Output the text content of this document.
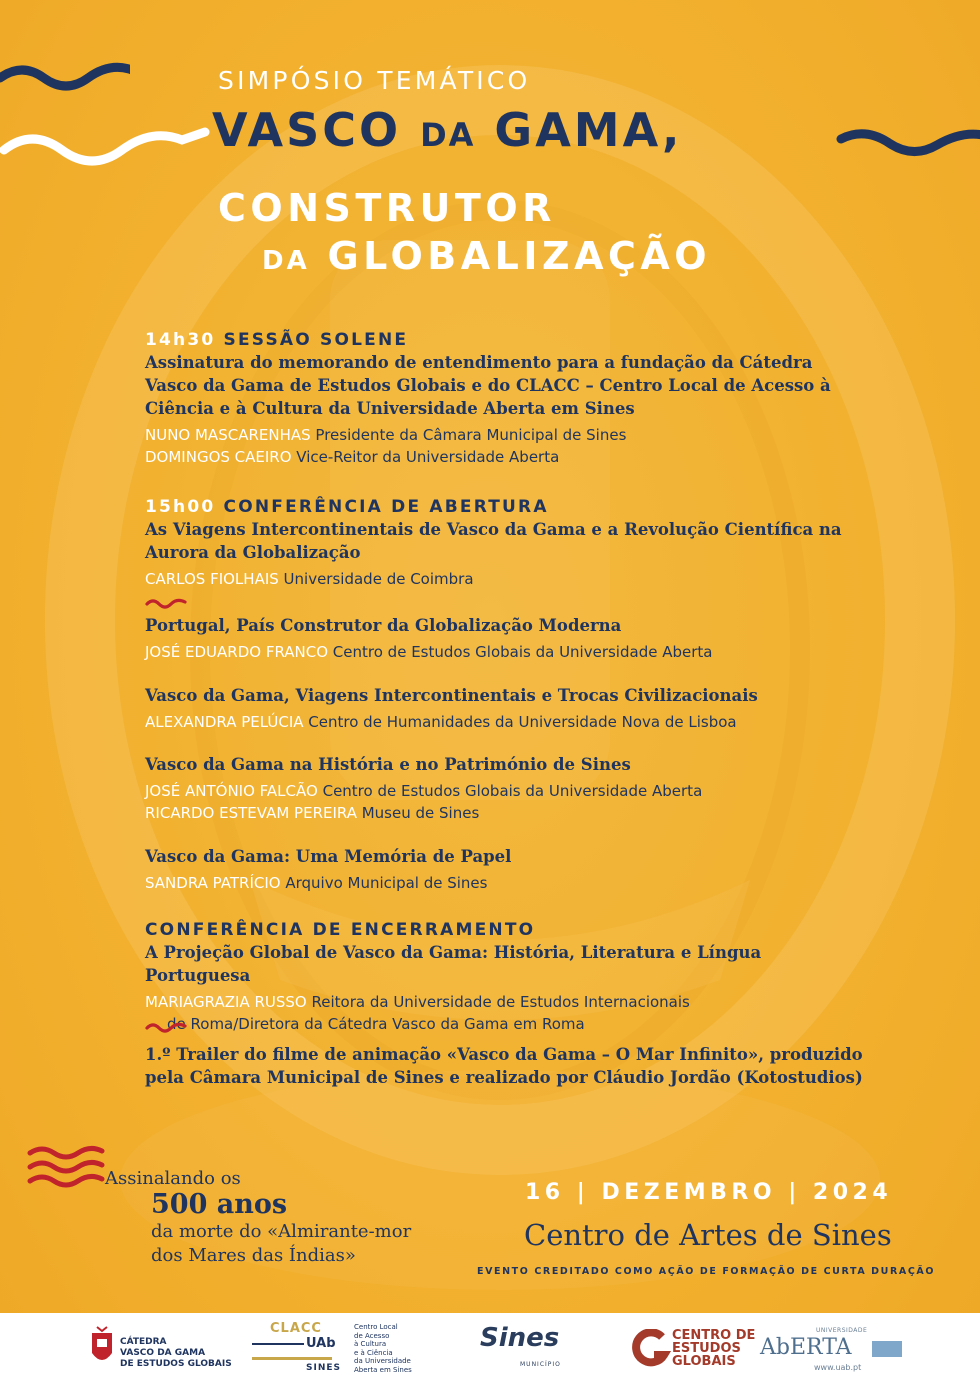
SIMPÓSIO TEMÁTICO
VASCO DA GAMA,
CONSTRUTOR
DA GLOBALIZAÇÃO
14h30 SESSÃO SOLENE
Assinatura do memorando de entendimento para a fundação da Cátedra Vasco da Gama de Estudos Globais e do CLACC – Centro Local de Acesso à Ciência e à Cultura da Universidade Aberta em Sines
NUNO MASCARENHAS Presidente da Câmara Municipal de Sines
DOMINGOS CAEIRO Vice-Reitor da Universidade Aberta
15h00 CONFERÊNCIA DE ABERTURA
As Viagens Intercontinentais de Vasco da Gama e a Revolução Científica na Aurora da Globalização
CARLOS FIOLHAIS Universidade de Coimbra
Portugal, País Construtor da Globalização Moderna
JOSÉ EDUARDO FRANCO Centro de Estudos Globais da Universidade Aberta
Vasco da Gama, Viagens Intercontinentais e Trocas Civilizacionais
ALEXANDRA PELÚCIA Centro de Humanidades da Universidade Nova de Lisboa
Vasco da Gama na História e no Património de Sines
JOSÉ ANTÓNIO FALCÃO Centro de Estudos Globais da Universidade Aberta
RICARDO ESTEVAM PEREIRA Museu de Sines
Vasco da Gama: Uma Memória de Papel
SANDRA PATRÍCIO Arquivo Municipal de Sines
CONFERÊNCIA DE ENCERRAMENTO
A Projeção Global de Vasco da Gama: História, Literatura e Língua Portuguesa
MARIAGRAZIA RUSSO Reitora da Universidade de Estudos Internacionais
de Roma/Diretora da Cátedra Vasco da Gama em Roma
1.º Trailer do filme de animação «Vasco da Gama – O Mar Infinito», produzido
pela Câmara Municipal de Sines e realizado por Cláudio Jordão (Kotostudios)
Assinalando os
500 anos
da morte do «Almirante-mor
dos Mares das Índias»
16 | DEZEMBRO | 2024
Centro de Artes de Sines
EVENTO CREDITADO COMO AÇÃO DE FORMAÇÃO DE CURTA DURAÇÃO
CÁTEDRA
VASCO DA GAMA
DE ESTUDOS GLOBAIS
CLACC
UAb
SINES
Centro Local
de Acesso
à Cultura
e à Ciência
da Universidade
Aberta em Sines
Sines
MUNICÍPIO
CENTRO DE
ESTUDOS
GLOBAIS
UNIVERSIDADE
AbERTA
www.uab.pt
